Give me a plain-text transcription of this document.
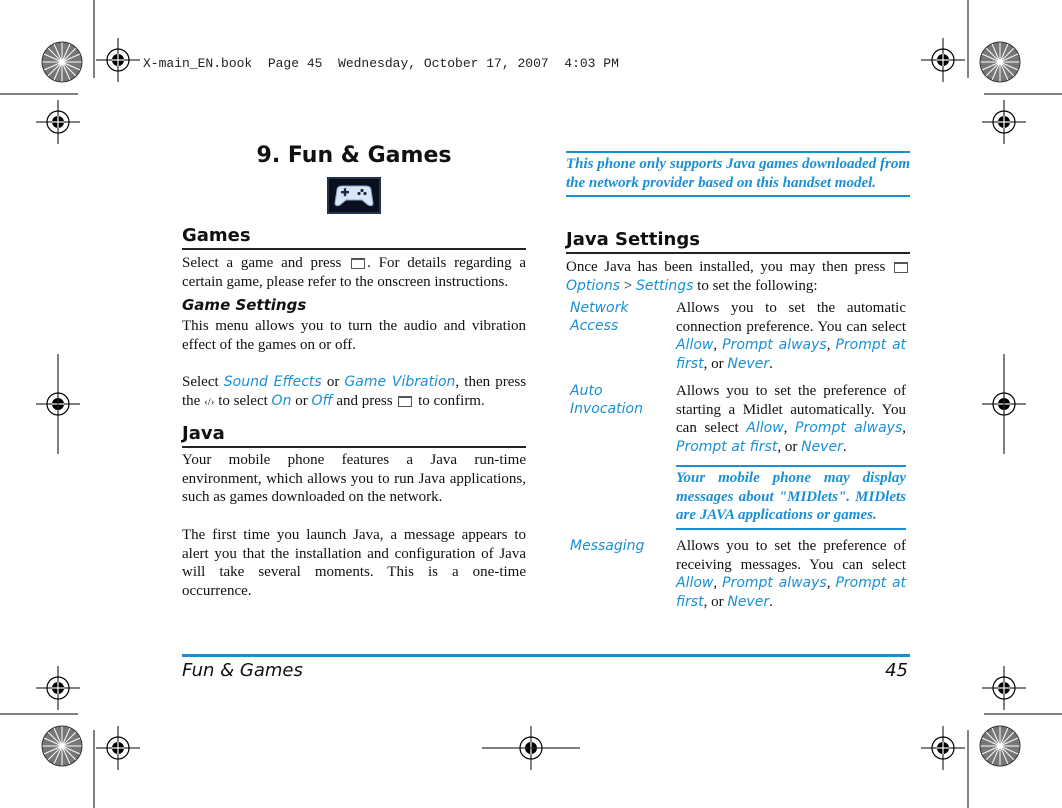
X-main_EN.book  Page 45  Wednesday, October 17, 2007  4:03 PM
9. Fun & Games
Games
Select a game and press . For details regarding a certain game, please refer to the onscreen instructions.
Game Settings
This menu allows you to turn the audio and vibration effect of the games on or off.
Select Sound Effects or Game Vibration, then press the ‹/› to select On or Off and press to confirm.
Java
Your mobile phone features a Java run-time environment, which allows you to run Java applications, such as games downloaded on the network.
The first time you launch Java, a message appears to alert you that the installation and configuration of Java will take several moments. This is a one-time occurrence.
This phone only supports Java games downloaded from the network provider based on this handset model.
Java Settings
Once Java has been installed, you may then press  Options > Settings to set the following:
Network Access
Allows you to set the automatic connection preference. You can select Allow, Prompt always, Prompt at first, or Never.
Auto Invocation
Allows you to set the preference of starting a Midlet automatically. You can select Allow, Prompt always, Prompt at first, or Never.
Your mobile phone may display messages about "MIDlets". MIDlets are JAVA applications or games.
Messaging	Allows you to set the preference of receiving messages. You can select Allow, Prompt always, Prompt at first, or Never.
Fun & Games	45
